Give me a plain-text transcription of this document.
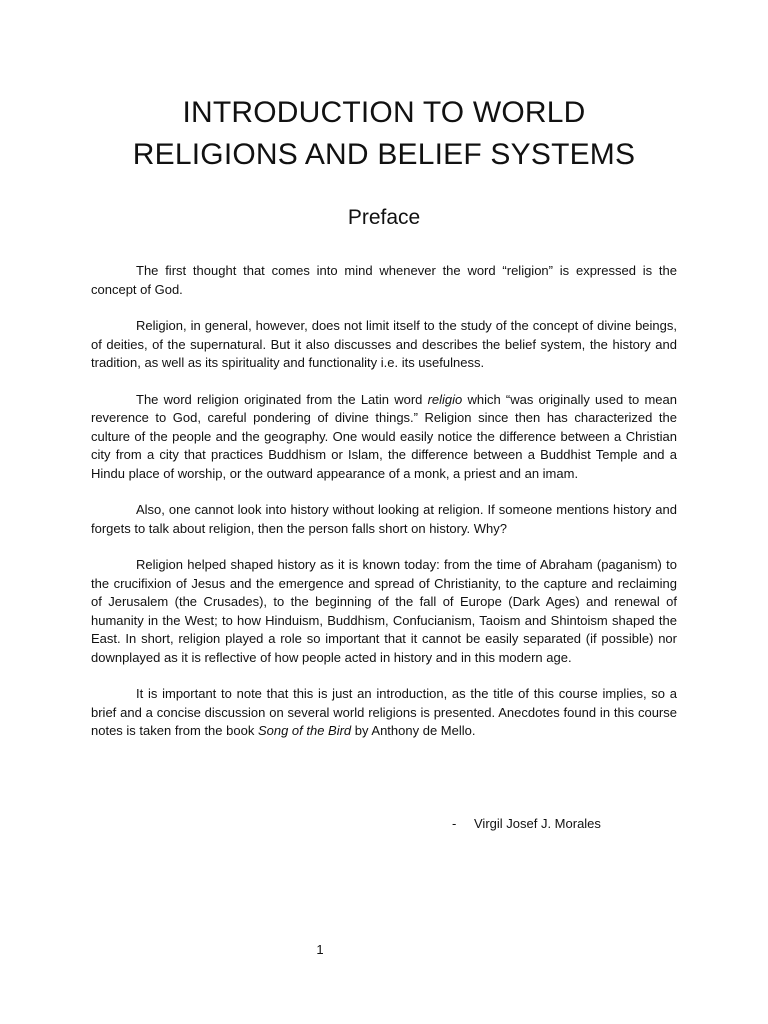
INTRODUCTION TO WORLD
RELIGIONS AND BELIEF SYSTEMS
Preface

The first thought that comes into mind whenever the word “religion” is expressed is the concept of God.

Religion, in general, however, does not limit itself to the study of the concept of divine beings, of deities, of the supernatural. But it also discusses and describes the belief system, the history and tradition, as well as its spirituality and functionality i.e. its usefulness.

The word religion originated from the Latin word religio which “was originally used to mean reverence to God, careful pondering of divine things.” Religion since then has characterized the culture of the people and the geography. One would easily notice the difference between a Christian city from a city that practices Buddhism or Islam, the difference between a Buddhist Temple and a Hindu place of worship, or the outward appearance of a monk, a priest and an imam.

Also, one cannot look into history without looking at religion. If someone mentions history and forgets to talk about religion, then the person falls short on history. Why?

Religion helped shaped history as it is known today: from the time of Abraham (paganism) to the crucifixion of Jesus and the emergence and spread of Christianity, to the capture and reclaiming of Jerusalem (the Crusades), to the beginning of the fall of Europe (Dark Ages) and renewal of humanity in the West; to how Hinduism, Buddhism, Confucianism, Taoism and Shintoism shaped the East. In short, religion played a role so important that it cannot be easily separated (if possible) nor downplayed as it is reflective of how people acted in history and in this modern age.

It is important to note that this is just an introduction, as the title of this course implies, so a brief and a concise discussion on several world religions is presented. Anecdotes found in this course notes is taken from the book Song of the Bird by Anthony de Mello.

- Virgil Josef J. Morales
1
